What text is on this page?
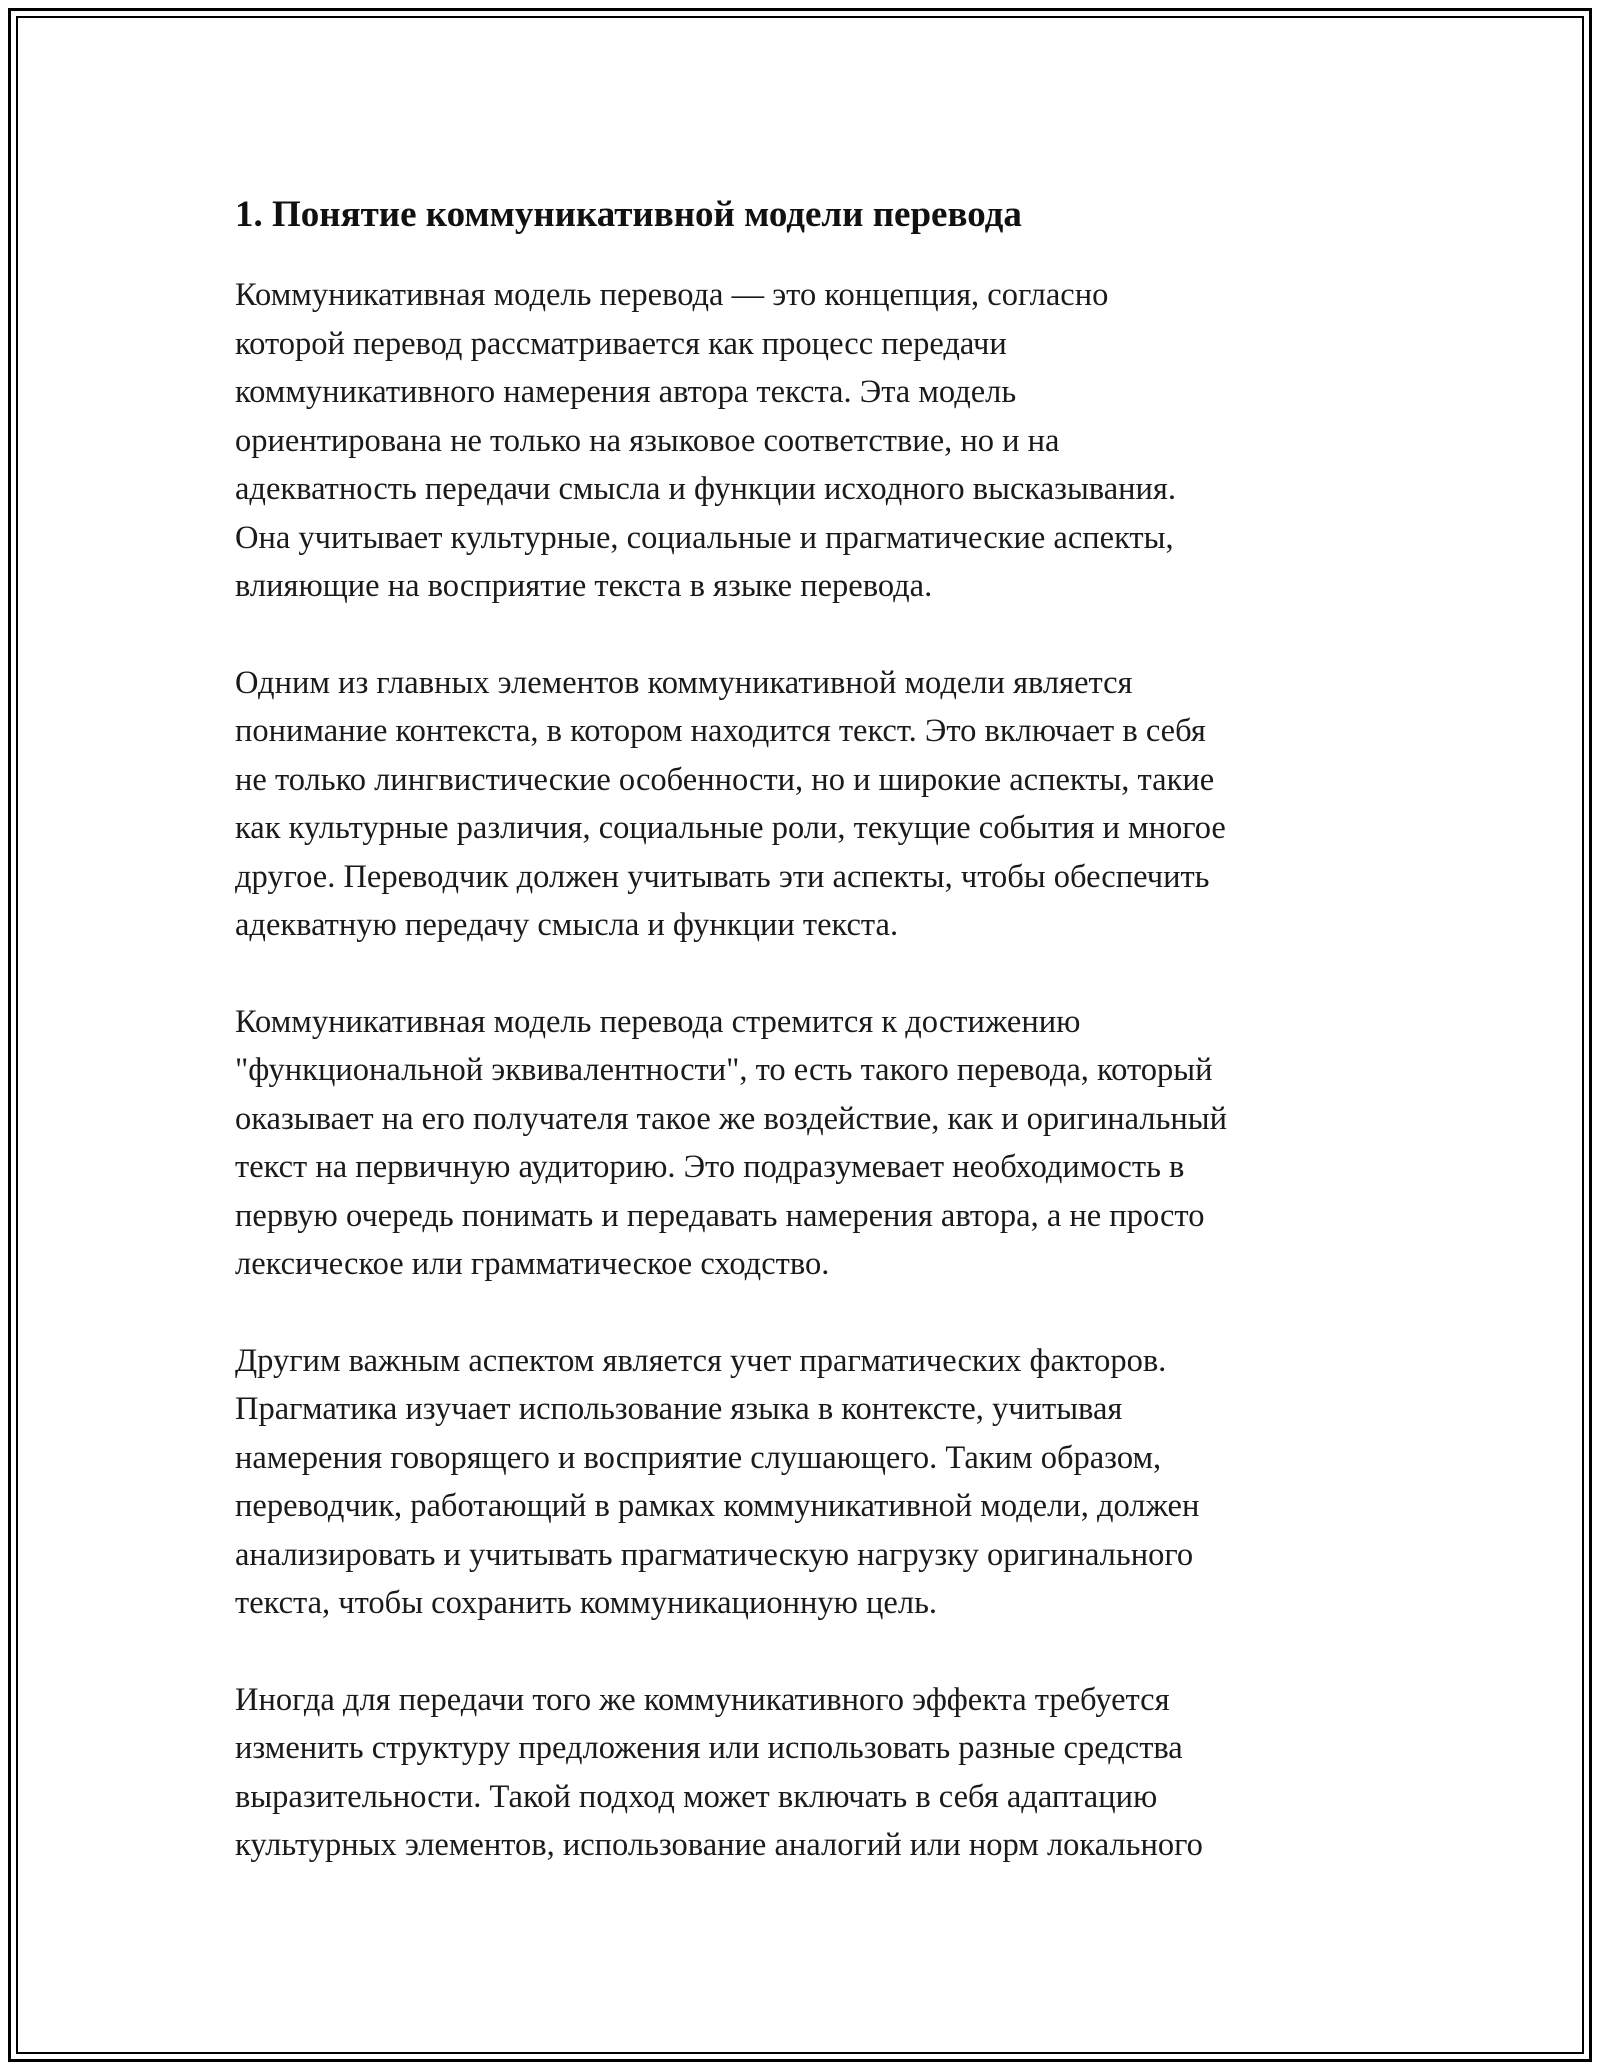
1. Понятие коммуникативной модели перевода

Коммуникативная модель перевода — это концепция, согласно
которой перевод рассматривается как процесс передачи
коммуникативного намерения автора текста. Эта модель
ориентирована не только на языковое соответствие, но и на
адекватность передачи смысла и функции исходного высказывания.
Она учитывает культурные, социальные и прагматические аспекты,
влияющие на восприятие текста в языке перевода.

Одним из главных элементов коммуникативной модели является
понимание контекста, в котором находится текст. Это включает в себя
не только лингвистические особенности, но и широкие аспекты, такие
как культурные различия, социальные роли, текущие события и многое
другое. Переводчик должен учитывать эти аспекты, чтобы обеспечить
адекватную передачу смысла и функции текста.

Коммуникативная модель перевода стремится к достижению
"функциональной эквивалентности", то есть такого перевода, который
оказывает на его получателя такое же воздействие, как и оригинальный
текст на первичную аудиторию. Это подразумевает необходимость в
первую очередь понимать и передавать намерения автора, а не просто
лексическое или грамматическое сходство.

Другим важным аспектом является учет прагматических факторов.
Прагматика изучает использование языка в контексте, учитывая
намерения говорящего и восприятие слушающего. Таким образом,
переводчик, работающий в рамках коммуникативной модели, должен
анализировать и учитывать прагматическую нагрузку оригинального
текста, чтобы сохранить коммуникационную цель.

Иногда для передачи того же коммуникативного эффекта требуется
изменить структуру предложения или использовать разные средства
выразительности. Такой подход может включать в себя адаптацию
культурных элементов, использование аналогий или норм локального
